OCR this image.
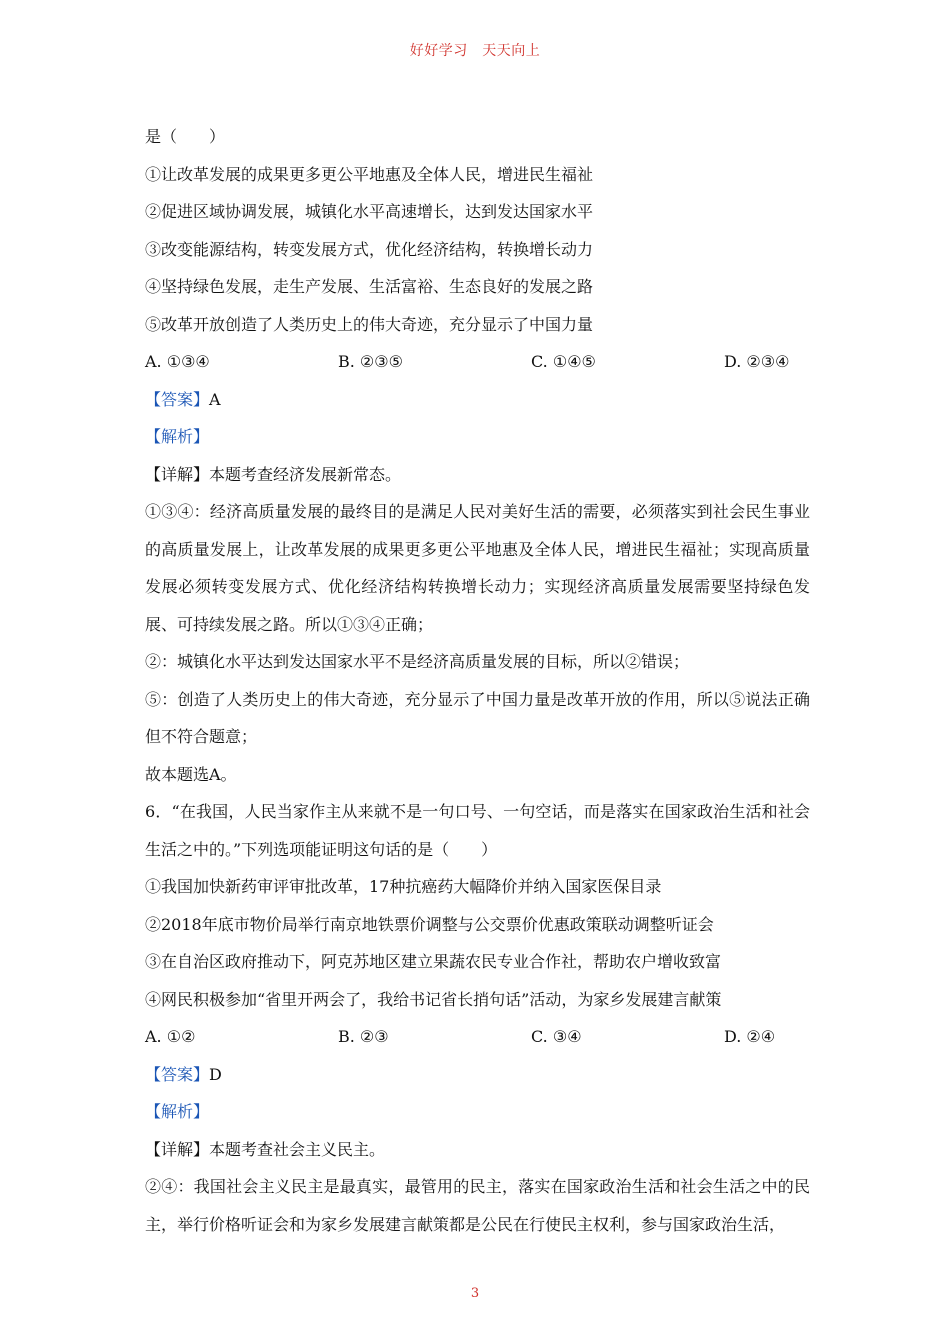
好好学习　天天向上
是（　　）
①让改革发展的成果更多更公平地惠及全体人民，增进民生福祉
②促进区域协调发展，城镇化水平高速增长，达到发达国家水平
③改变能源结构，转变发展方式，优化经济结构，转换增长动力
④坚持绿色发展，走生产发展、生活富裕、生态良好的发展之路
⑤改革开放创造了人类历史上的伟大奇迹，充分显示了中国力量
A. ①③④	B. ②③⑤	C. ①④⑤	D. ②③④
【答案】A
【解析】
【详解】本题考查经济发展新常态。
①③④：经济高质量发展的最终目的是满足人民对美好生活的需要，必须落实到社会民生事业的高质量发展上，让改革发展的成果更多更公平地惠及全体人民，增进民生福祉；实现高质量发展必须转变发展方式、优化经济结构转换增长动力；实现经济高质量发展需要坚持绿色发展、可持续发展之路。所以①③④正确；
②：城镇化水平达到发达国家水平不是经济高质量发展的目标，所以②错误；
⑤：创造了人类历史上的伟大奇迹，充分显示了中国力量是改革开放的作用，所以⑤说法正确但不符合题意；
故本题选A。
6．“在我国，人民当家作主从来就不是一句口号、一句空话，而是落实在国家政治生活和社会生活之中的。”下列选项能证明这句话的是（　　）
①我国加快新药审评审批改革，17种抗癌药大幅降价并纳入国家医保目录
②2018年底市物价局举行南京地铁票价调整与公交票价优惠政策联动调整听证会
③在自治区政府推动下，阿克苏地区建立果蔬农民专业合作社，帮助农户增收致富
④网民积极参加“省里开两会了，我给书记省长捎句话”活动，为家乡发展建言献策
A. ①②	B. ②③	C. ③④	D. ②④
【答案】D
【解析】
【详解】本题考查社会主义民主。
②④：我国社会主义民主是最真实，最管用的民主，落实在国家政治生活和社会生活之中的民主，举行价格听证会和为家乡发展建言献策都是公民在行使民主权利，参与国家政治生活，
3
